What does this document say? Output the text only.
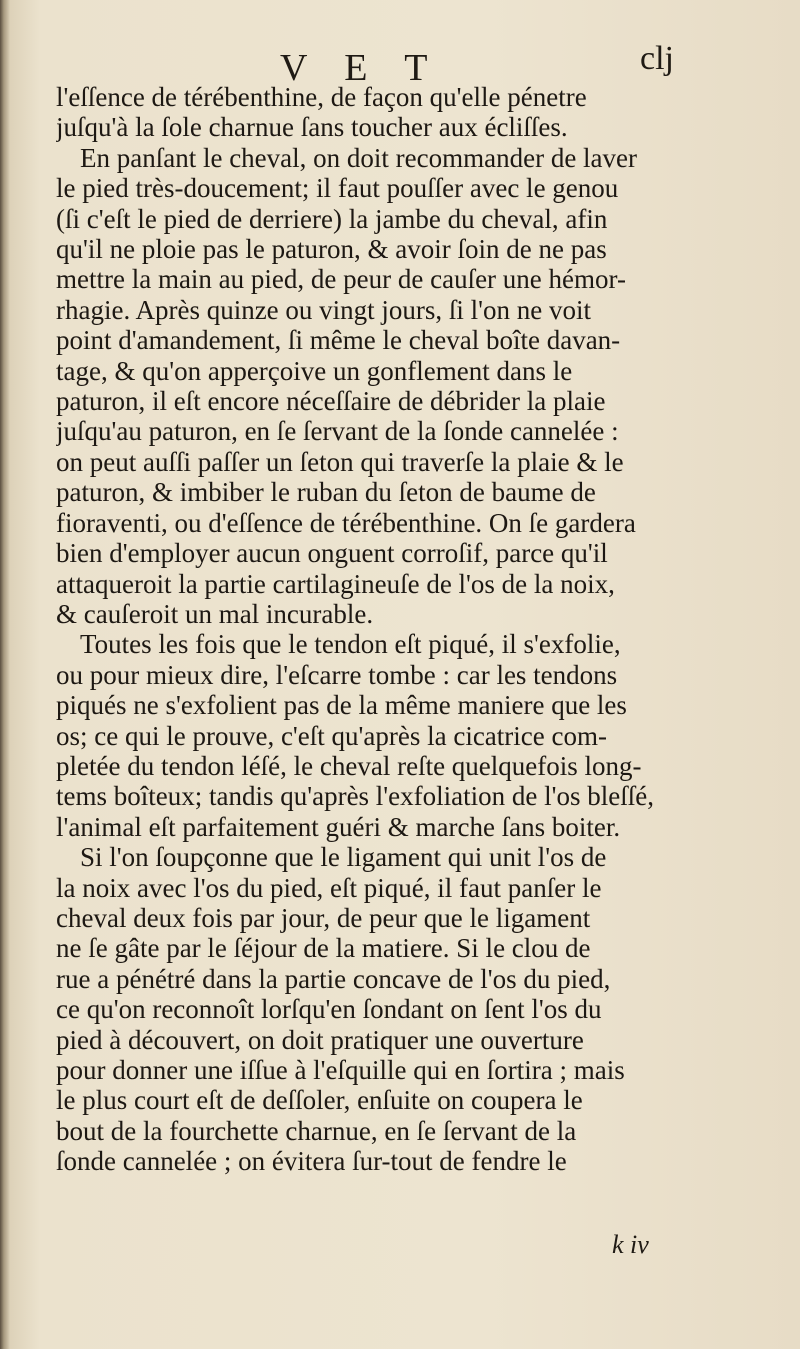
V E T	clj
l'eſſence de térébenthine, de façon qu'elle pénetre
juſqu'à la ſole charnue ſans toucher aux écliſſes.
En panſant le cheval, on doit recommander de laver
le pied très-doucement; il faut pouſſer avec le genou
(ſi c'eſt le pied de derriere) la jambe du cheval, afin
qu'il ne ploie pas le paturon, & avoir ſoin de ne pas
mettre la main au pied, de peur de cauſer une hémor-
rhagie. Après quinze ou vingt jours, ſi l'on ne voit
point d'amandement, ſi même le cheval boîte davan-
tage, & qu'on apperçoive un gonflement dans le
paturon, il eſt encore néceſſaire de débrider la plaie
juſqu'au paturon, en ſe ſervant de la ſonde cannelée :
on peut auſſi paſſer un ſeton qui traverſe la plaie & le
paturon, & imbiber le ruban du ſeton de baume de
fioraventi, ou d'eſſence de térébenthine. On ſe gardera
bien d'employer aucun onguent corroſif, parce qu'il
attaqueroit la partie cartilagineuſe de l'os de la noix,
& cauſeroit un mal incurable.
Toutes les fois que le tendon eſt piqué, il s'exfolie,
ou pour mieux dire, l'eſcarre tombe : car les tendons
piqués ne s'exfolient pas de la même maniere que les
os; ce qui le prouve, c'eſt qu'après la cicatrice com-
pletée du tendon léſé, le cheval reſte quelquefois long-
tems boîteux; tandis qu'après l'exfoliation de l'os bleſſé,
l'animal eſt parfaitement guéri & marche ſans boiter.
Si l'on ſoupçonne que le ligament qui unit l'os de
la noix avec l'os du pied, eſt piqué, il faut panſer le
cheval deux fois par jour, de peur que le ligament
ne ſe gâte par le ſéjour de la matiere. Si le clou de
rue a pénétré dans la partie concave de l'os du pied,
ce qu'on reconnoît lorſqu'en ſondant on ſent l'os du
pied à découvert, on doit pratiquer une ouverture
pour donner une iſſue à l'eſquille qui en ſortira ; mais
le plus court eſt de deſſoler, enſuite on coupera le
bout de la fourchette charnue, en ſe ſervant de la
ſonde cannelée ; on évitera ſur-tout de fendre le
k iv
